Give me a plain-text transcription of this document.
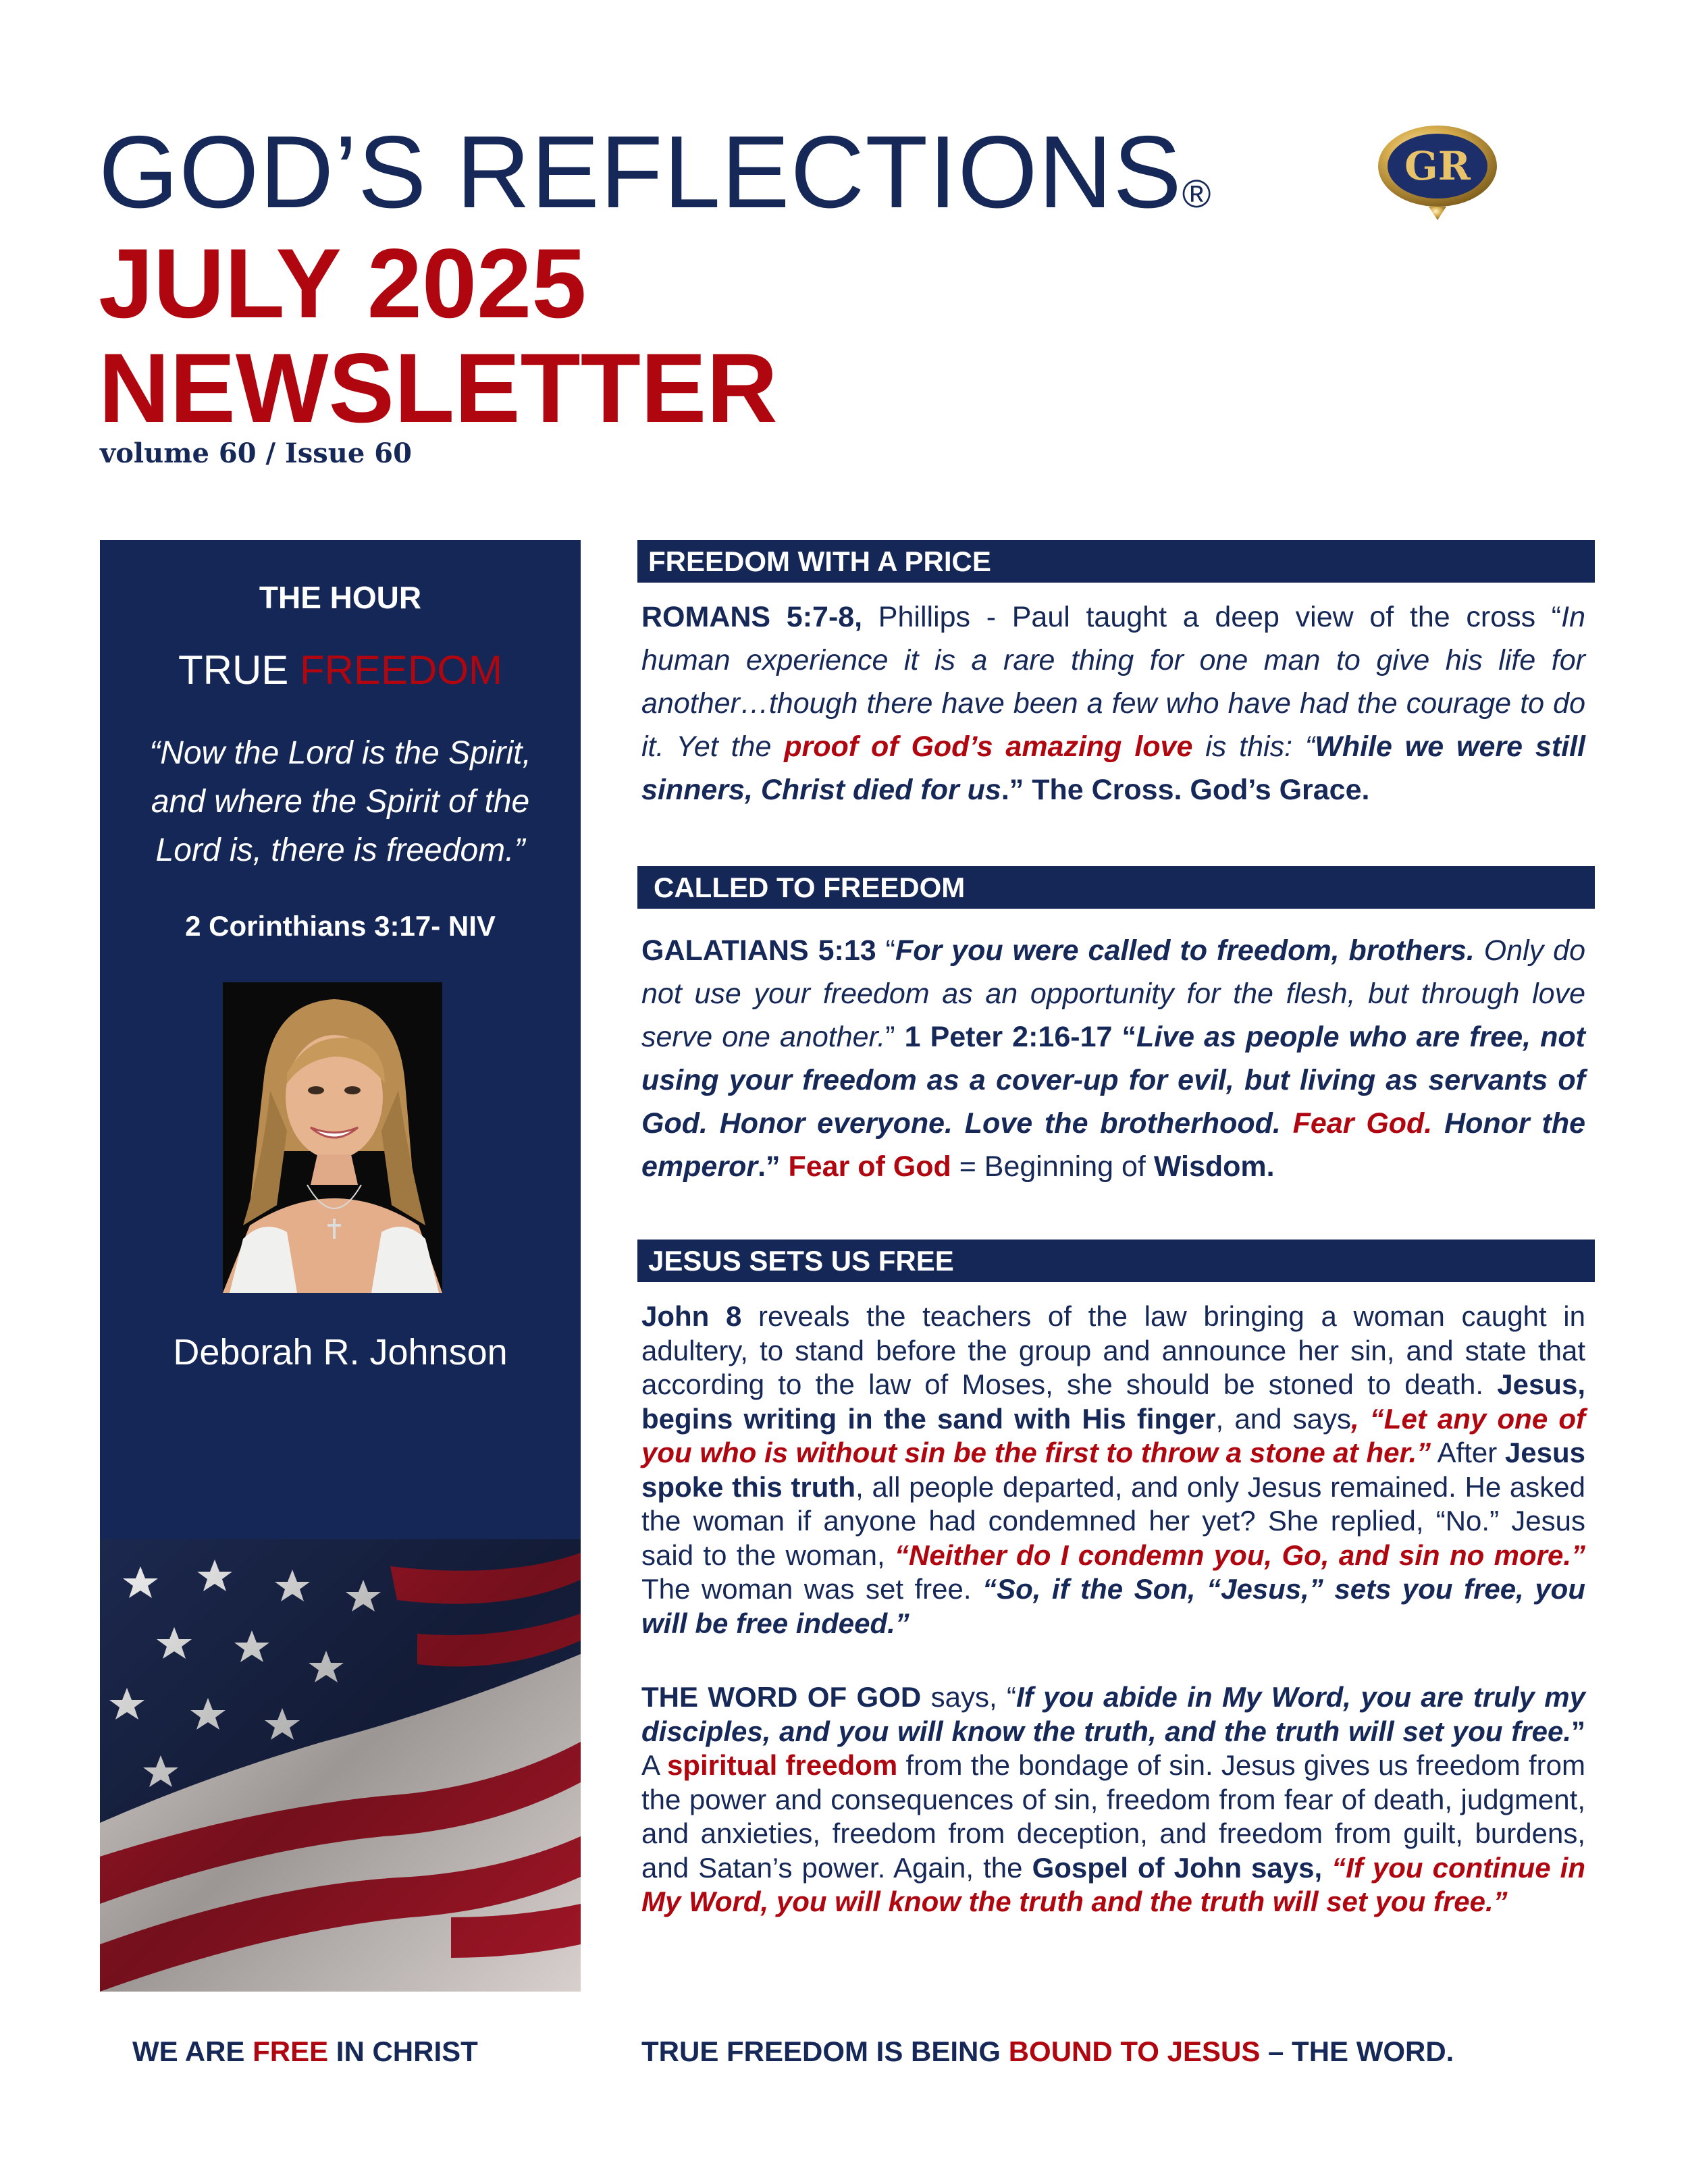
GOD’S REFLECTIONS®
GR
JULY 2025
NEWSLETTER
volume 60 / Issue 60
THE HOUR
TRUE FREEDOM
“Now the Lord is the Spirit,
and where the Spirit of the
Lord is, there is freedom.”
2 Corinthians 3:17- NIV
Deborah R. Johnson
FREEDOM WITH A PRICE
ROMANS 5:7-8, Phillips - Paul taught a deep view of the cross “In human experience it is a rare thing for one man to give his life for another…though there have been a few who have had the courage to do it. Yet the proof of God’s amazing love is this: “While we were still sinners, Christ died for us.” The Cross. God’s Grace.
CALLED TO FREEDOM
GALATIANS 5:13 “For you were called to freedom, brothers. Only do not use your freedom as an opportunity for the flesh, but through love serve one another.” 1 Peter 2:16-17 “Live as people who are free, not using your freedom as a cover-up for evil, but living as servants of God. Honor everyone. Love the brotherhood. Fear God. Honor the emperor.” Fear of God = Beginning of Wisdom.
JESUS SETS US FREE
John 8 reveals the teachers of the law bringing a woman caught in adultery, to stand before the group and announce her sin, and state that according to the law of Moses, she should be stoned to death. Jesus, begins writing in the sand with His finger, and says, “Let any one of you who is without sin be the first to throw a stone at her.” After Jesus spoke this truth, all people departed, and only Jesus remained. He asked the woman if anyone had condemned her yet? She replied, “No.” Jesus said to the woman, “Neither do I condemn you, Go, and sin no more.” The woman was set free. “So, if the Son, “Jesus,” sets you free, you will be free indeed.”
THE WORD OF GOD says, “If you abide in My Word, you are truly my disciples, and you will know the truth, and the truth will set you free.” A spiritual freedom from the bondage of sin. Jesus gives us freedom from the power and consequences of sin, freedom from fear of death, judgment, and anxieties, freedom from deception, and freedom from guilt, burdens, and Satan’s power. Again, the Gospel of John says, “If you continue in My Word, you will know the truth and the truth will set you free.”
WE ARE FREE IN CHRIST	TRUE FREEDOM IS BEING BOUND TO JESUS – THE WORD.
